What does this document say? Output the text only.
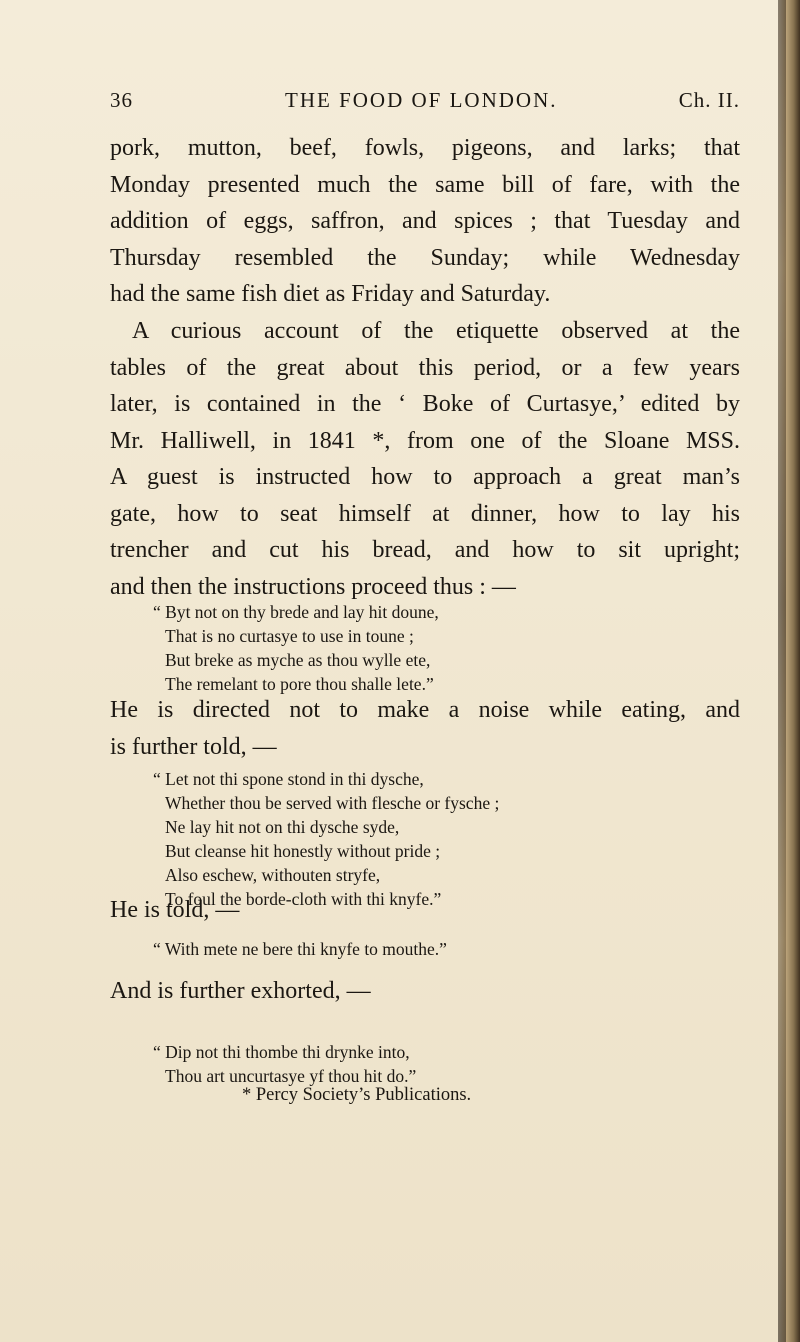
36	THE FOOD OF LONDON.	Ch. II.
pork, mutton, beef, fowls, pigeons, and larks; that
Monday presented much the same bill of fare, with the
addition of eggs, saffron, and spices ; that Tuesday and
Thursday resembled the Sunday; while Wednesday
had the same fish diet as Friday and Saturday.
A curious account of the etiquette observed at the
tables of the great about this period, or a few years
later, is contained in the ‘ Boke of Curtasye,’ edited by
Mr. Halliwell, in 1841 *, from one of the Sloane MSS.
A guest is instructed how to approach a great man’s
gate, how to seat himself at dinner, how to lay his
trencher and cut his bread, and how to sit upright;
and then the instructions proceed thus : —
“ Byt not on thy brede and lay hit doune,
That is no curtasye to use in toune ;
But breke as myche as thou wylle ete,
The remelant to pore thou shalle lete.”
He is directed not to make a noise while eating, and
is further told, —
“ Let not thi spone stond in thi dysche,
Whether thou be served with flesche or fysche ;
Ne lay hit not on thi dysche syde,
But cleanse hit honestly without pride ;
Also eschew, withouten stryfe,
To foul the borde-cloth with thi knyfe.”
He is told, —
“ With mete ne bere thi knyfe to mouthe.”
And is further exhorted, —
“ Dip not thi thombe thi drynke into,
Thou art uncurtasye yf thou hit do.”
* Percy Society’s Publications.
